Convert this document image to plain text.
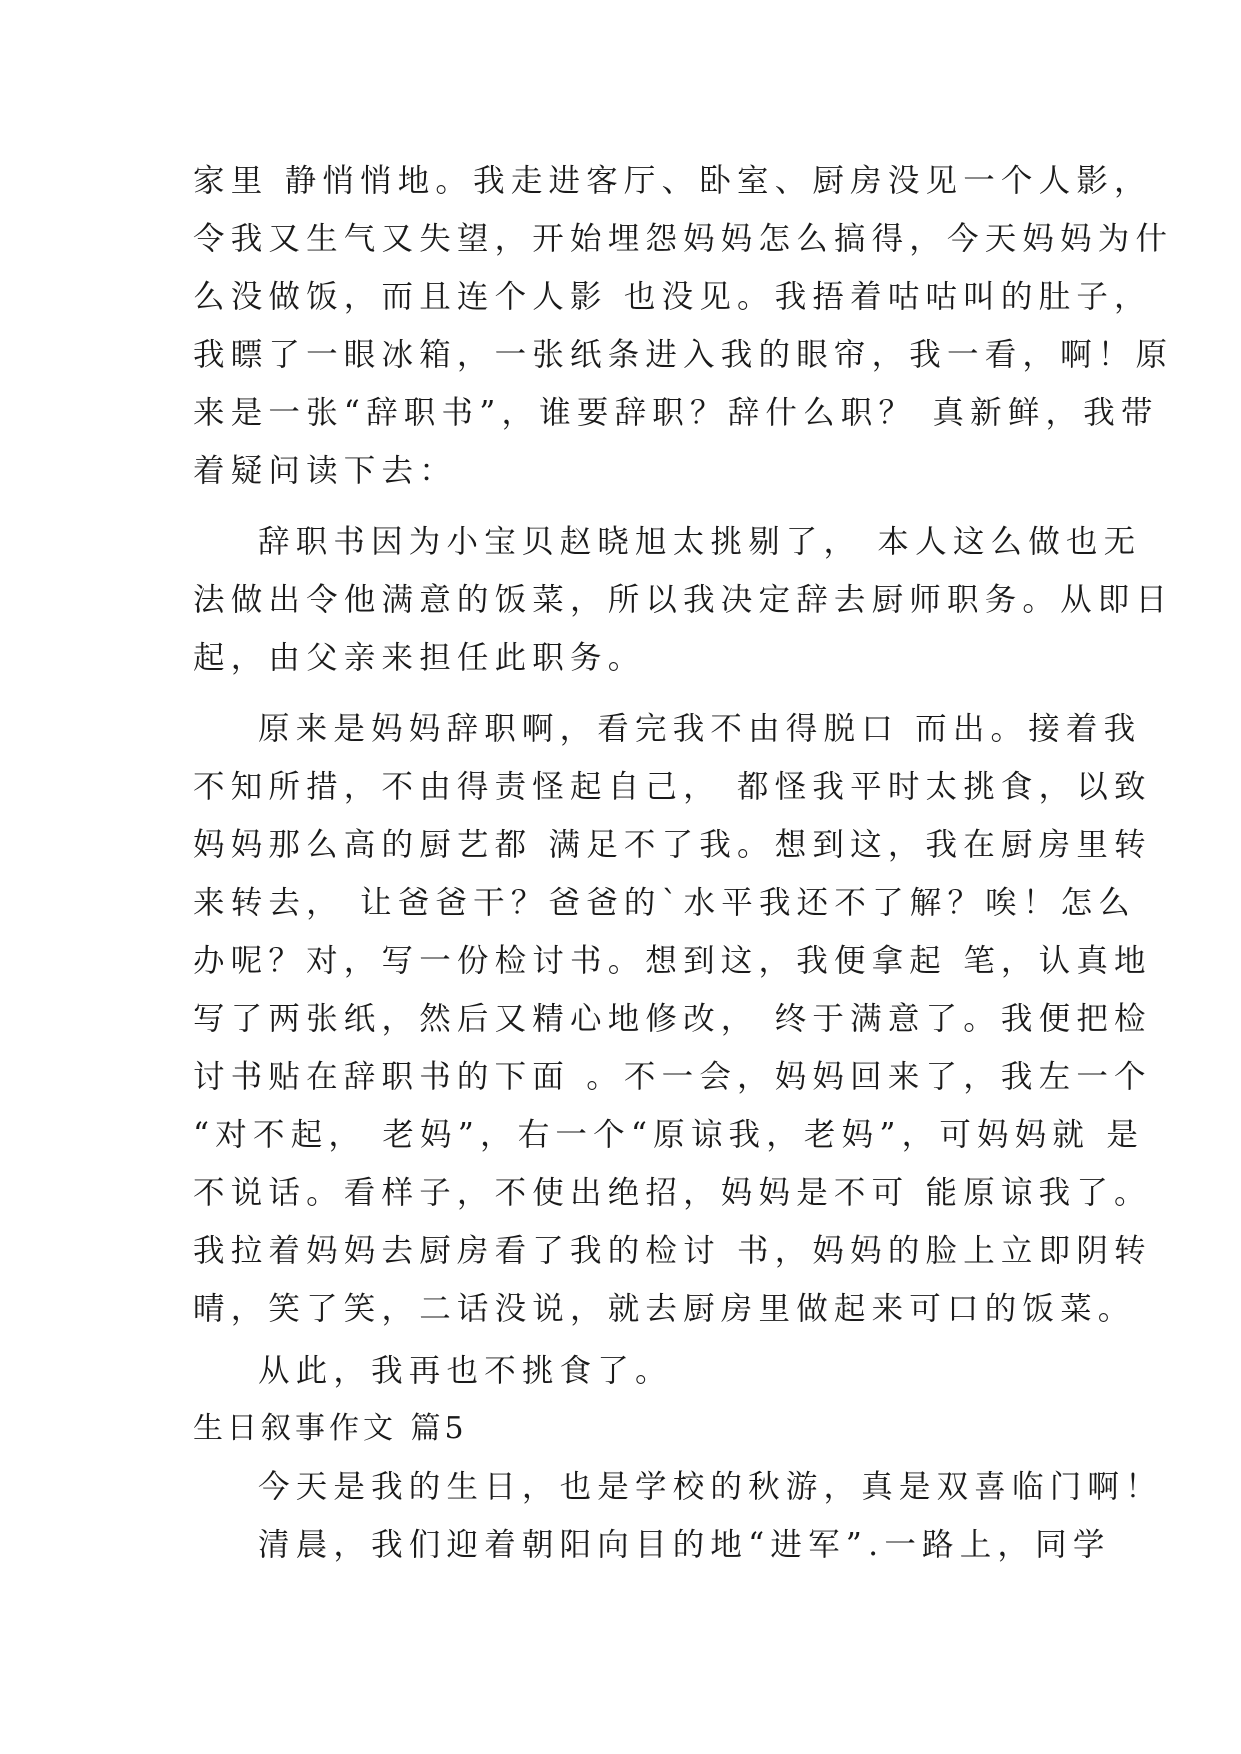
家里 静悄悄地。我走进客厅、卧室、厨房没见一个人影，
令我又生气又失望，开始埋怨妈妈怎么搞得，今天妈妈为什
么没做饭，而且连个人影 也没见。我捂着咕咕叫的肚子，
我瞟了一眼冰箱，一张纸条进入我的眼帘，我一看，啊！原
来是一张“辞职书”，谁要辞职？辞什么职？ 真新鲜，我带
着疑问读下去：
辞职书因为小宝贝赵晓旭太挑剔了， 本人这么做也无
法做出令他满意的饭菜，所以我决定辞去厨师职务。从即日
起，由父亲来担任此职务。
原来是妈妈辞职啊，看完我不由得脱口 而出。接着我
不知所措，不由得责怪起自己， 都怪我平时太挑食，以致
妈妈那么高的厨艺都 满足不了我。想到这，我在厨房里转
来转去， 让爸爸干？爸爸的`水平我还不了解？唉！怎么
办呢？对，写一份检讨书。想到这，我便拿起 笔，认真地
写了两张纸，然后又精心地修改， 终于满意了。我便把检
讨书贴在辞职书的下面 。不一会，妈妈回来了，我左一个
“对不起， 老妈”，右一个“原谅我，老妈”，可妈妈就 是
不说话。看样子，不使出绝招，妈妈是不可 能原谅我了。
我拉着妈妈去厨房看了我的检讨 书，妈妈的脸上立即阴转
晴，笑了笑，二话没说，就去厨房里做起来可口的饭菜。
从此，我再也不挑食了。
生日叙事作文 篇5
今天是我的生日，也是学校的秋游，真是双喜临门啊！
清晨，我们迎着朝阳向目的地“进军”.一路上，同学
